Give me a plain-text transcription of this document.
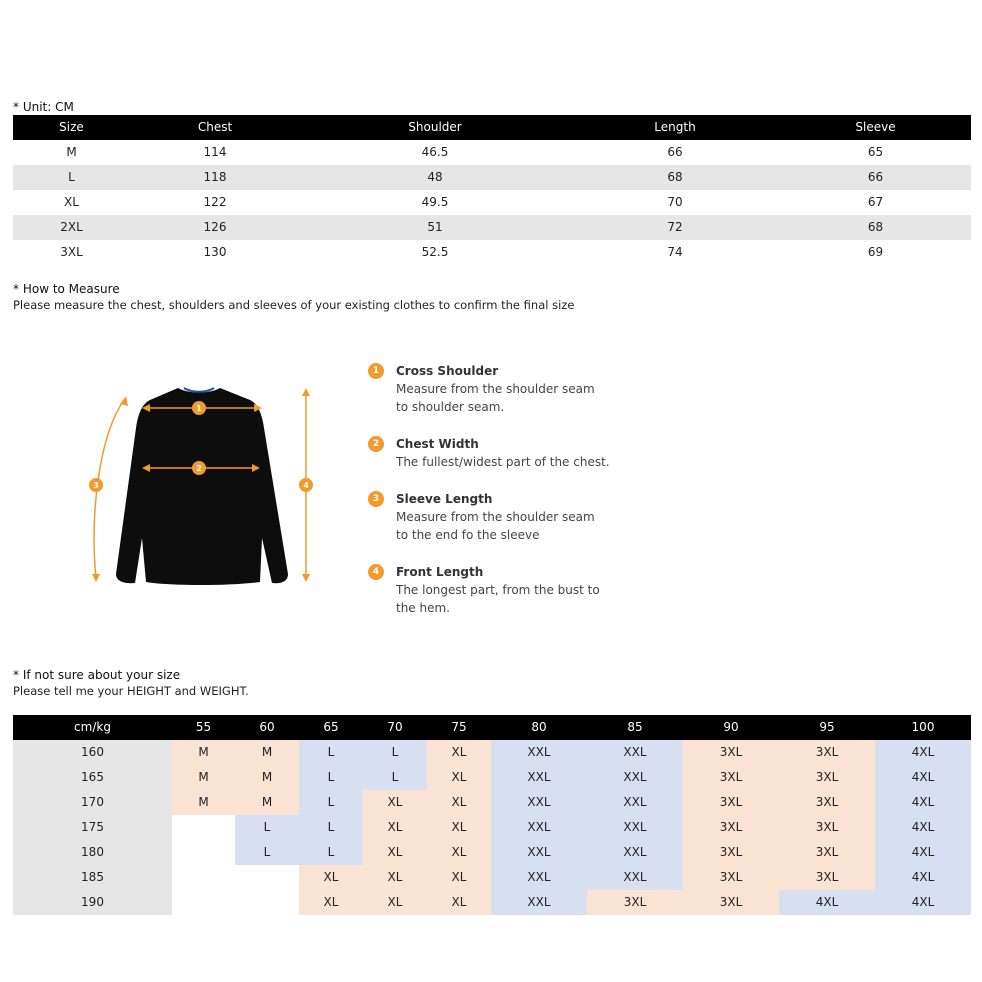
* Unit: CM
Size	Chest	Shoulder	Length	Sleeve
M	114	46.5	66	65
L	118	48	68	66
XL	122	49.5	70	67
2XL	126	51	72	68
3XL	130	52.5	74	69
* How to Measure
Please measure the chest, shoulders and sleeves of your existing clothes to confirm the final size
1
2
3	4
1	Cross Shoulder
Measure from the shoulder seam
to shoulder seam.
2	Chest Width
The fullest/widest part of the chest.
3	Sleeve Length
Measure from the shoulder seam
to the end fo the sleeve
4	Front Length
The longest part, from the bust to
the hem.
* If not sure about your size
Please tell me your HEIGHT and WEIGHT.
cm/kg	55	60	65	70	75	80	85	90	95	100
160	M	M	L	L	XL	XXL	XXL	3XL	3XL	4XL
165	M	M	L	L	XL	XXL	XXL	3XL	3XL	4XL
170	M	M	L	XL	XL	XXL	XXL	3XL	3XL	4XL
175		L	L	XL	XL	XXL	XXL	3XL	3XL	4XL
180		L	L	XL	XL	XXL	XXL	3XL	3XL	4XL
185			XL	XL	XL	XXL	XXL	3XL	3XL	4XL
190			XL	XL	XL	XXL	3XL	3XL	4XL	4XL
